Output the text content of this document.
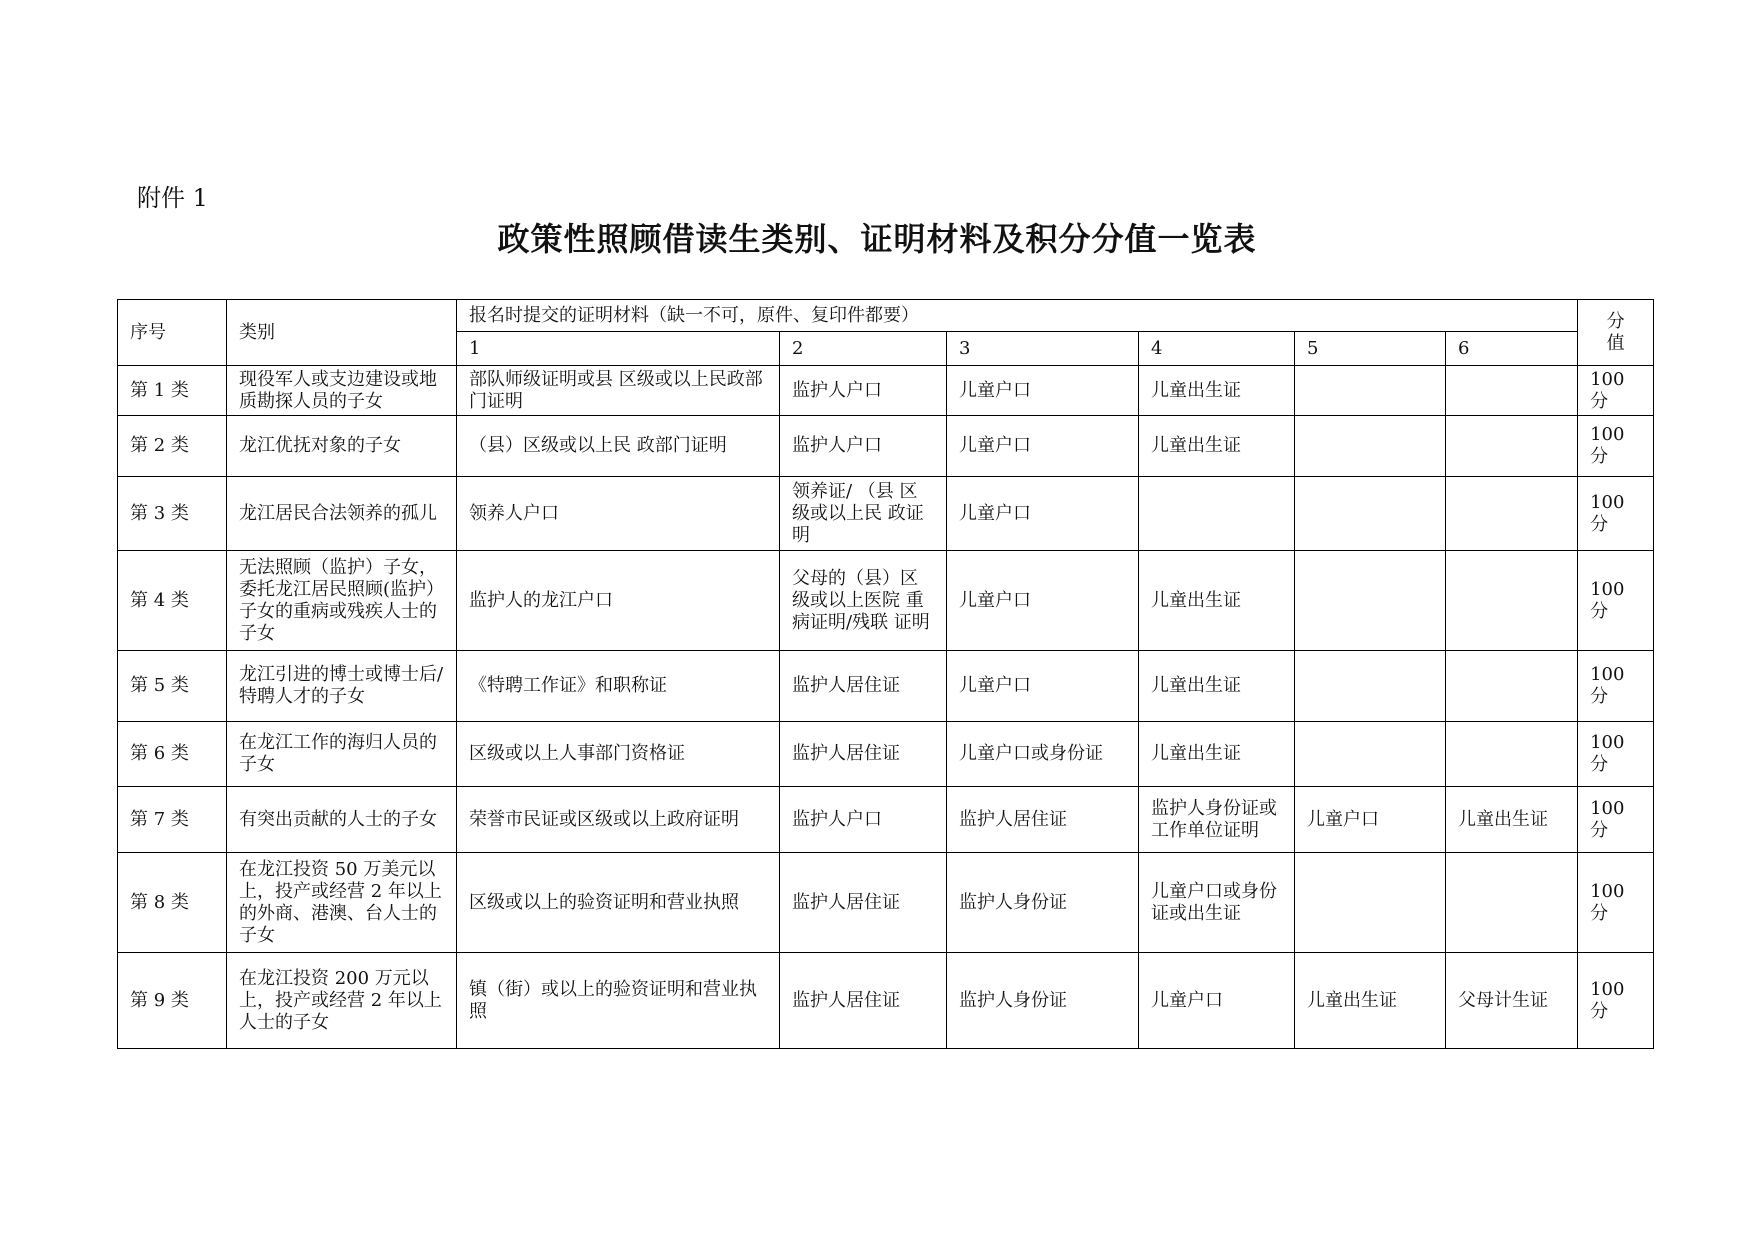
附件 1
政策性照顾借读生类别、证明材料及积分分值一览表
序号	类别	报名时提交的证明材料（缺一不可，原件、复印件都要）						分
值

		1	2	3	4	5	6	
第 1 类	现役军人或支边建设或地质勘探人员的子女	部队师级证明或县 区级或以上民政部 门证明	监护人户口	儿童户口	儿童出生证			100
分

第 2 类	龙江优抚对象的子女	（县）区级或以上民 政部门证明	监护人户口	儿童户口	儿童出生证			100
分

第 3 类	龙江居民合法领养的孤儿	领养人户口	领养证/ （县 区级或以上民 政证明	儿童户口				100
分

第 4 类	无法照顾（监护）子女，委托龙江居民照顾(监护）子女的重病或残疾人士的子女	监护人的龙江户口	父母的（县）区级或以上医院 重病证明/残联 证明	儿童户口	儿童出生证			100
分

第 5 类	龙江引进的博士或博士后/特聘人才的子女	《特聘工作证》和职称证	监护人居住证	儿童户口	儿童出生证			100
分

第 6 类	在龙江工作的海归人员的子女	区级或以上人事部门资格证	监护人居住证	儿童户口或身份证	儿童出生证			100
分

第 7 类	有突出贡献的人士的子女	荣誉市民证或区级或以上政府证明	监护人户口	监护人居住证	监护人身份证或工作单位证明	儿童户口	儿童出生证	100
分

第 8 类	在龙江投资 50 万美元以上，投产或经营 2 年以上的外商、港澳、台人士的子女	区级或以上的验资证明和营业执照	监护人居住证	监护人身份证	儿童户口或身份证或出生证			100
分

第 9 类	在龙江投资 200 万元以上，投产或经营 2 年以上人士的子女	镇（街）或以上的验资证明和营业执照	监护人居住证	监护人身份证	儿童户口	儿童出生证	父母计生证	100
分
